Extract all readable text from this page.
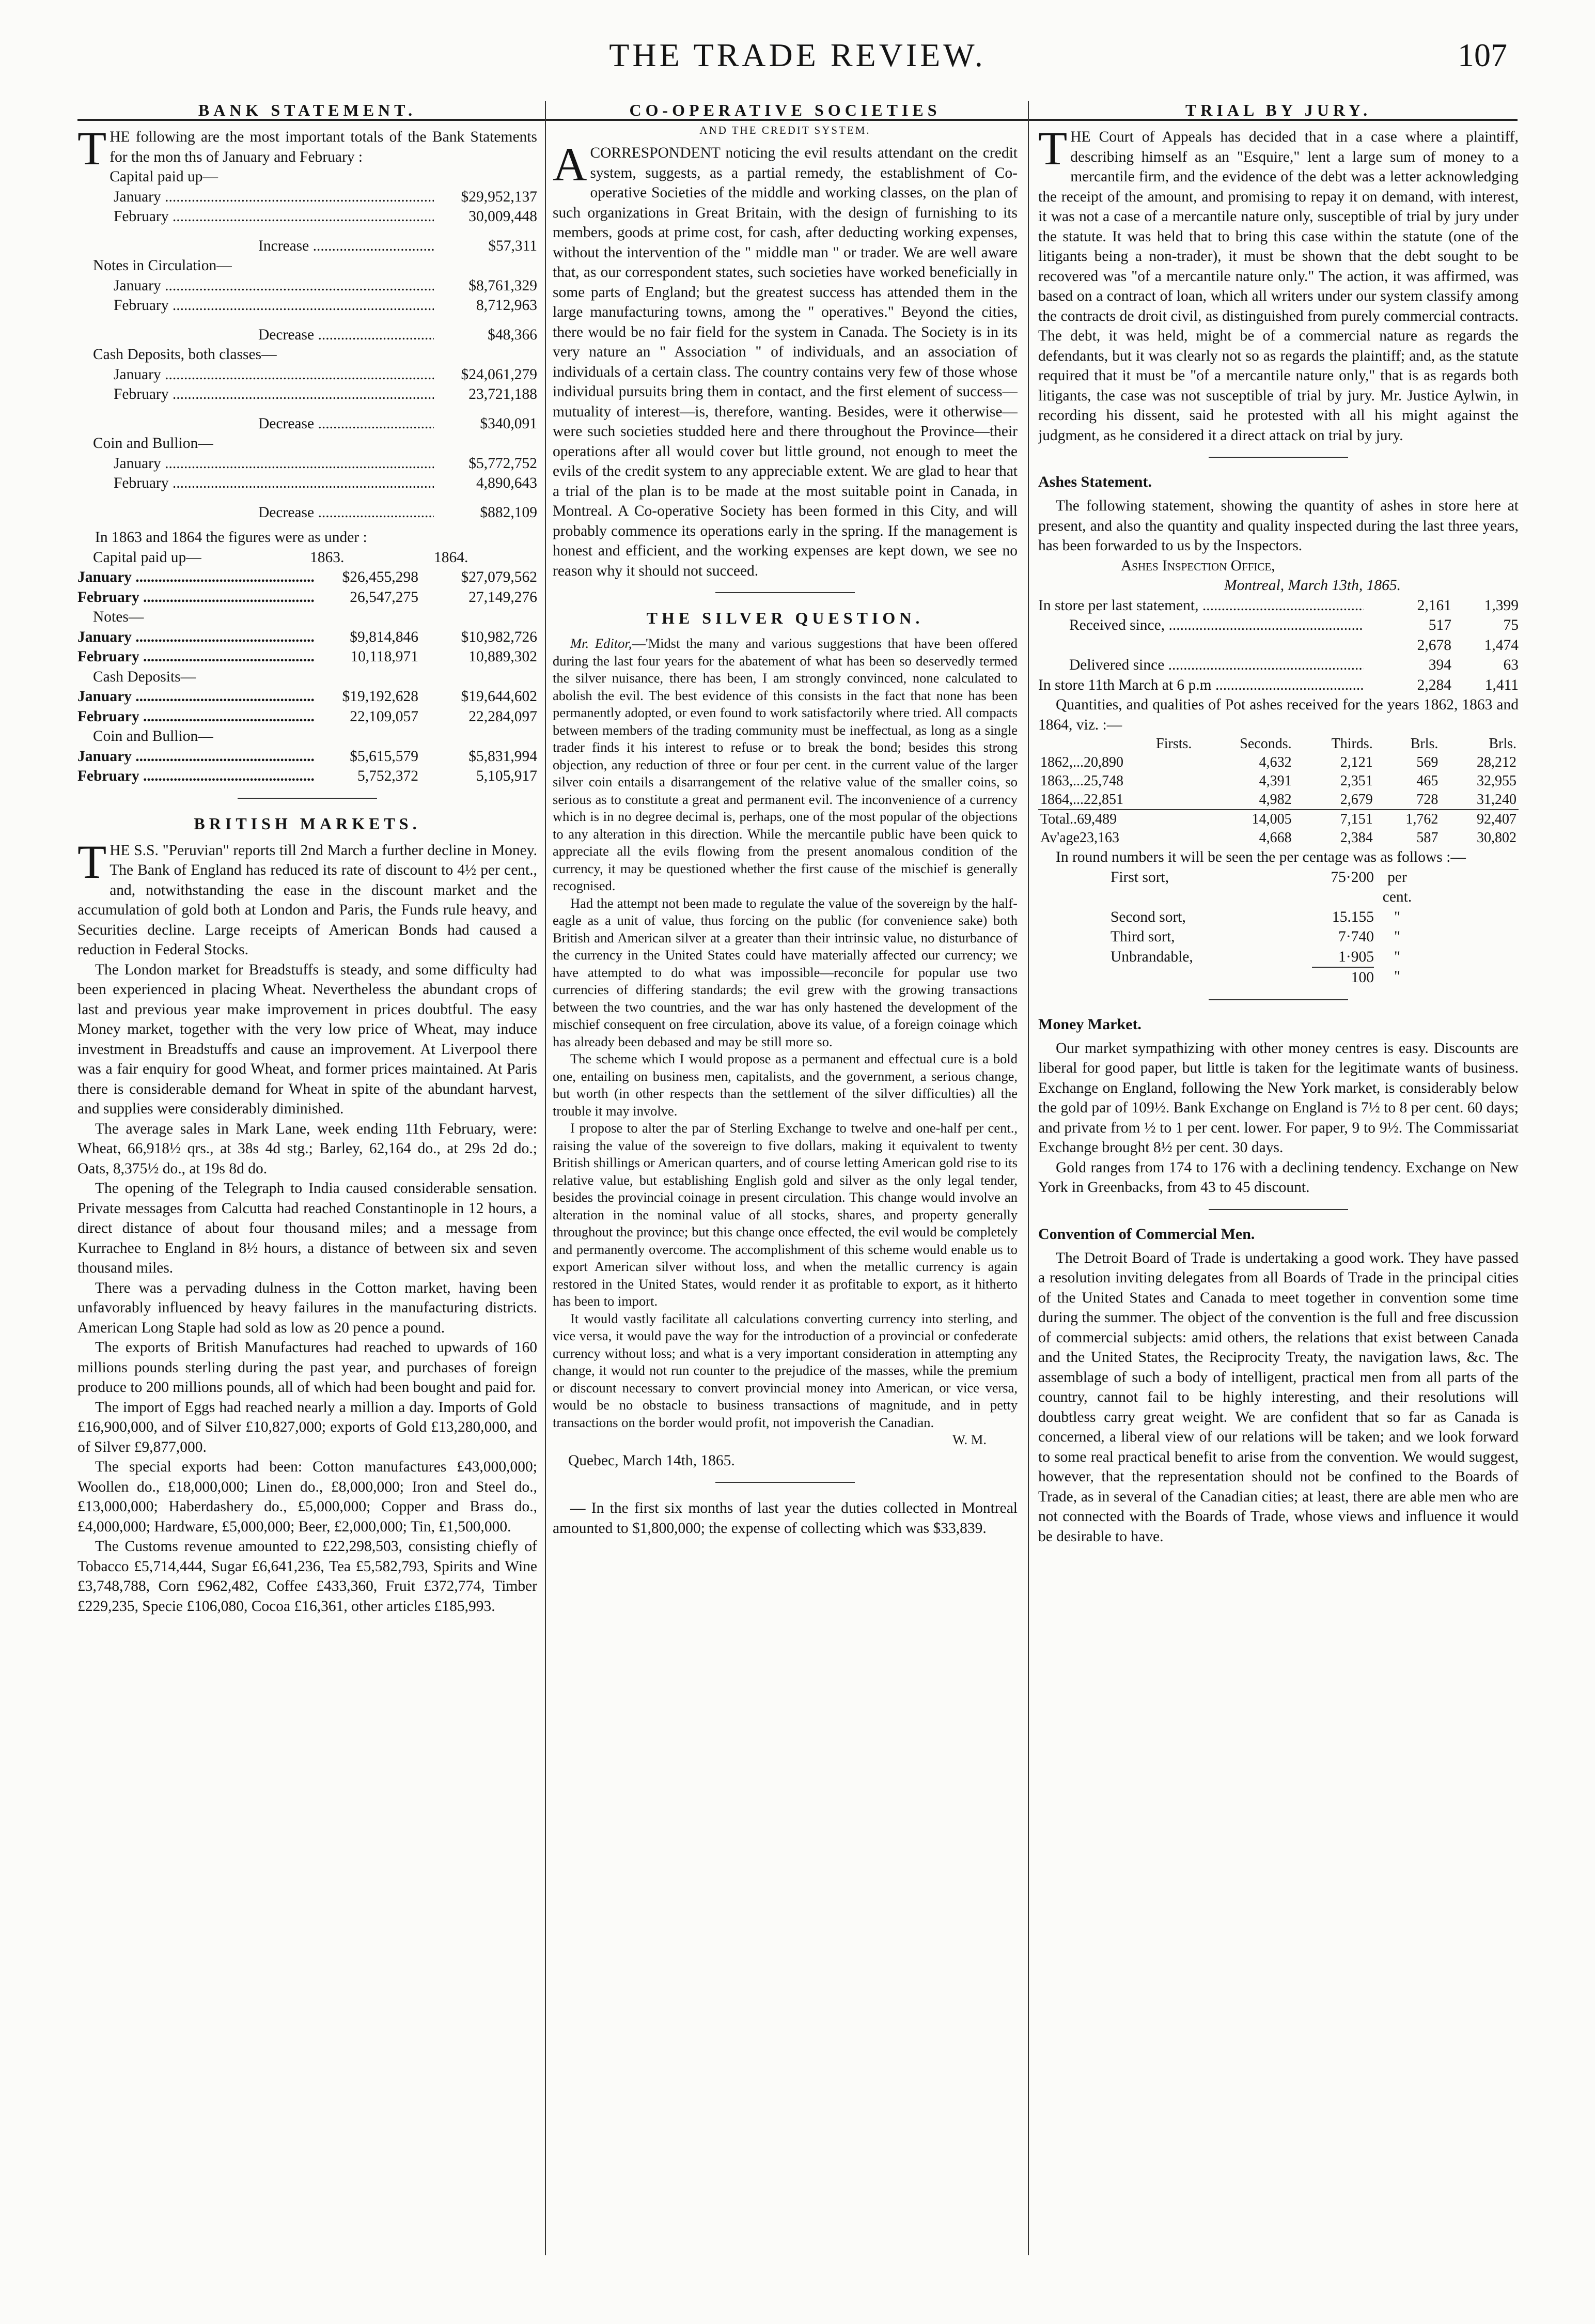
THE TRADE REVIEW.	107
BANK STATEMENT.

THE following are the most important totals of the Bank Statements for the mon ths of January and February :

Capital paid up—
January .....	$29,952,137
February .....	30,009,448
Increase .....	$57,311
Notes in Circulation—
January .....	$8,761,329
February .....	8,712,963
Decrease .....	$48,366
Cash Deposits, both classes—
January .....	$24,061,279
February .....	23,721,188
Decrease .....	$340,091
Coin and Bullion—
January .....	$5,772,752
February .....	4,890,643
Decrease .....	$882,109
In 1863 and 1864 the figures were as under :
Capital paid up—	1863.	1864.
January .....	$26,455,298	$27,079,562
February .....	26,547,275	27,149,276
Notes—
January .....	$9,814,846	$10,982,726
February .....	10,118,971	10,889,302
Cash Deposits—
January .....	$19,192,628	$19,644,602
February .....	22,109,057	22,284,097
Coin and Bullion—
January .....	$5,615,579	$5,831,994
February .....	5,752,372	5,105,917
BRITISH MARKETS.

THE S.S. "Peruvian" reports till 2nd March a further decline in Money. The Bank of England has reduced its rate of discount to 4½ per cent., and, notwithstanding the ease in the discount market and the accumulation of gold both at London and Paris, the Funds rule heavy, and Securities decline. Large receipts of American Bonds had caused a reduction in Federal Stocks.

The London market for Breadstuffs is steady, and some difficulty had been experienced in placing Wheat. Nevertheless the abundant crops of last and previous year make improvement in prices doubtful. The easy Money market, together with the very low price of Wheat, may induce investment in Breadstuffs and cause an improvement. At Liverpool there was a fair enquiry for good Wheat, and former prices maintained. At Paris there is considerable demand for Wheat in spite of the abundant harvest, and supplies were considerably diminished.

The average sales in Mark Lane, week ending 11th February, were: Wheat, 66,918½ qrs., at 38s 4d stg.; Barley, 62,164 do., at 29s 2d do.; Oats, 8,375½ do., at 19s 8d do.

The opening of the Telegraph to India caused considerable sensation. Private messages from Calcutta had reached Constantinople in 12 hours, a direct distance of about four thousand miles; and a message from Kurrachee to England in 8½ hours, a distance of between six and seven thousand miles.

There was a pervading dulness in the Cotton market, having been unfavorably influenced by heavy failures in the manufacturing districts. American Long Staple had sold as low as 20 pence a pound.

The exports of British Manufactures had reached to upwards of 160 millions pounds sterling during the past year, and purchases of foreign produce to 200 millions pounds, all of which had been bought and paid for.

The import of Eggs had reached nearly a million a day. Imports of Gold £16,900,000, and of Silver £10,827,000; exports of Gold £13,280,000, and of Silver £9,877,000.

The special exports had been: Cotton manufactures £43,000,000; Woollen do., £18,000,000; Linen do., £8,000,000; Iron and Steel do., £13,000,000; Haberdashery do., £5,000,000; Copper and Brass do., £4,000,000; Hardware, £5,000,000; Beer, £2,000,000; Tin, £1,500,000.

The Customs revenue amounted to £22,298,503, consisting chiefly of Tobacco £5,714,444, Sugar £6,641,236, Tea £5,582,793, Spirits and Wine £3,748,788, Corn £962,482, Coffee £433,360, Fruit £372,774, Timber £229,235, Specie £106,080, Cocoa £16,361, other articles £185,993.

CO-OPERATIVE SOCIETIES
AND THE CREDIT SYSTEM.

ACORRESPONDENT noticing the evil results attendant on the credit system, suggests, as a partial remedy, the establishment of Co-operative Societies of the middle and working classes, on the plan of such organizations in Great Britain, with the design of furnishing to its members, goods at prime cost, for cash, after deducting working expenses, without the intervention of the " middle man " or trader. We are well aware that, as our correspondent states, such societies have worked beneficially in some parts of England; but the greatest success has attended them in the large manufacturing towns, among the " operatives." Beyond the cities, there would be no fair field for the system in Canada. The Society is in its very nature an " Association " of individuals, and an association of individuals of a certain class. The country contains very few of those whose individual pursuits bring them in contact, and the first element of success—mutuality of interest—is, therefore, wanting. Besides, were it otherwise—were such societies studded here and there throughout the Province—their operations after all would cover but little ground, not enough to meet the evils of the credit system to any appreciable extent. We are glad to hear that a trial of the plan is to be made at the most suitable point in Canada, in Montreal. A Co-operative Society has been formed in this City, and will probably commence its operations early in the spring. If the management is honest and efficient, and the working expenses are kept down, we see no reason why it should not succeed.

THE SILVER QUESTION.

Mr. Editor,—'Midst the many and various suggestions that have been offered during the last four years for the abatement of what has been so deservedly termed the silver nuisance, there has been, I am strongly convinced, none calculated to abolish the evil. The best evidence of this consists in the fact that none has been permanently adopted, or even found to work satisfactorily where tried. All compacts between members of the trading community must be ineffectual, as long as a single trader finds it his interest to refuse or to break the bond; besides this strong objection, any reduction of three or four per cent. in the current value of the larger silver coin entails a disarrangement of the relative value of the smaller coins, so serious as to constitute a great and permanent evil. The inconvenience of a currency which is in no degree decimal is, perhaps, one of the most popular of the objections to any alteration in this direction. While the mercantile public have been quick to appreciate all the evils flowing from the present anomalous condition of the currency, it may be questioned whether the first cause of the mischief is generally recognised.

Had the attempt not been made to regulate the value of the sovereign by the half-eagle as a unit of value, thus forcing on the public (for convenience sake) both British and American silver at a greater than their intrinsic value, no disturbance of the currency in the United States could have materially affected our currency; we have attempted to do what was impossible—reconcile for popular use two currencies of differing standards; the evil grew with the growing transactions between the two countries, and the war has only hastened the development of the mischief consequent on free circulation, above its value, of a foreign coinage which has already been debased and may be still more so.

The scheme which I would propose as a permanent and effectual cure is a bold one, entailing on business men, capitalists, and the government, a serious change, but worth (in other respects than the settlement of the silver difficulties) all the trouble it may involve.

I propose to alter the par of Sterling Exchange to twelve and one-half per cent., raising the value of the sovereign to five dollars, making it equivalent to twenty British shillings or American quarters, and of course letting American gold rise to its relative value, but establishing English gold and silver as the only legal tender, besides the provincial coinage in present circulation. This change would involve an alteration in the nominal value of all stocks, shares, and property generally throughout the province; but this change once effected, the evil would be completely and permanently overcome. The accomplishment of this scheme would enable us to export American silver without loss, and when the metallic currency is again restored in the United States, would render it as profitable to export, as it hitherto has been to import.

It would vastly facilitate all calculations converting currency into sterling, and vice versa, it would pave the way for the introduction of a provincial or confederate currency without loss; and what is a very important consideration in attempting any change, it would not run counter to the prejudice of the masses, while the premium or discount necessary to convert provincial money into American, or vice versa, would be no obstacle to business transactions of magnitude, and in petty transactions on the border would profit, not impoverish the Canadian.

W. M.
Quebec, March 14th, 1865.

— In the first six months of last year the duties collected in Montreal amounted to $1,800,000; the expense of collecting which was $33,839.

TRIAL BY JURY.

THE Court of Appeals has decided that in a case where a plaintiff, describing himself as an "Esquire," lent a large sum of money to a mercantile firm, and the evidence of the debt was a letter acknowledging the receipt of the amount, and promising to repay it on demand, with interest, it was not a case of a mercantile nature only, susceptible of trial by jury under the statute. It was held that to bring this case within the statute (one of the litigants being a non-trader), it must be shown that the debt sought to be recovered was "of a mercantile nature only." The action, it was affirmed, was based on a contract of loan, which all writers under our system classify among the contracts de droit civil, as distinguished from purely commercial contracts. The debt, it was held, might be of a commercial nature as regards the defendants, but it was clearly not so as regards the plaintiff; and, as the statute required that it must be "of a mercantile nature only," that is as regards both litigants, the case was not susceptible of trial by jury. Mr. Justice Aylwin, in recording his dissent, said he protested with all his might against the judgment, as he considered it a direct attack on trial by jury.

Ashes Statement.

The following statement, showing the quantity of ashes in store here at present, and also the quantity and quality inspected during the last three years, has been forwarded to us by the Inspectors.

Ashes Inspection Office,
Montreal, March 13th, 1865.
In store per last statement, .....	2,161	1,399
Received since, .....	517	75
2,678	1,474
Delivered since .....	394	63
In store 11th March at 6 p.m .....	2,284	1,411

Quantities, and qualities of Pot ashes received for the years 1862, 1863 and 1864, viz. :—

	Firsts.	Seconds.	Thirds.	Brls.	Brls.
1862,...20,890		4,632	2,121	569	28,212
1863,...25,748		4,391	2,351	465	32,955
1864,...22,851		4,982	2,679	728	31,240
Total..69,489		14,005	7,151	1,762	92,407
Av'age23,163		4,668	2,384	587	30,802

In round numbers it will be seen the per centage was as follows :—

First sort,	75·200 per cent.
Second sort,	15.155	"
Third sort,	7·740	"
Unbrandable,	1·905	"
100	"
Money Market.

Our market sympathizing with other money centres is easy. Discounts are liberal for good paper, but little is taken for the legitimate wants of business. Exchange on England, following the New York market, is considerably below the gold par of 109½. Bank Exchange on England is 7½ to 8 per cent. 60 days; and private from ½ to 1 per cent. lower. For paper, 9 to 9½. The Commissariat Exchange brought 8½ per cent. 30 days.

Gold ranges from 174 to 176 with a declining tendency. Exchange on New York in Greenbacks, from 43 to 45 discount.

Convention of Commercial Men.

The Detroit Board of Trade is undertaking a good work. They have passed a resolution inviting delegates from all Boards of Trade in the principal cities of the United States and Canada to meet together in convention some time during the summer. The object of the convention is the full and free discussion of commercial subjects: amid others, the relations that exist between Canada and the United States, the Reciprocity Treaty, the navigation laws, &c. The assemblage of such a body of intelligent, practical men from all parts of the country, cannot fail to be highly interesting, and their resolutions will doubtless carry great weight. We are confident that so far as Canada is concerned, a liberal view of our relations will be taken; and we look forward to some real practical benefit to arise from the convention. We would suggest, however, that the representation should not be confined to the Boards of Trade, as in several of the Canadian cities; at least, there are able men who are not connected with the Boards of Trade, whose views and influence it would be desirable to have.
